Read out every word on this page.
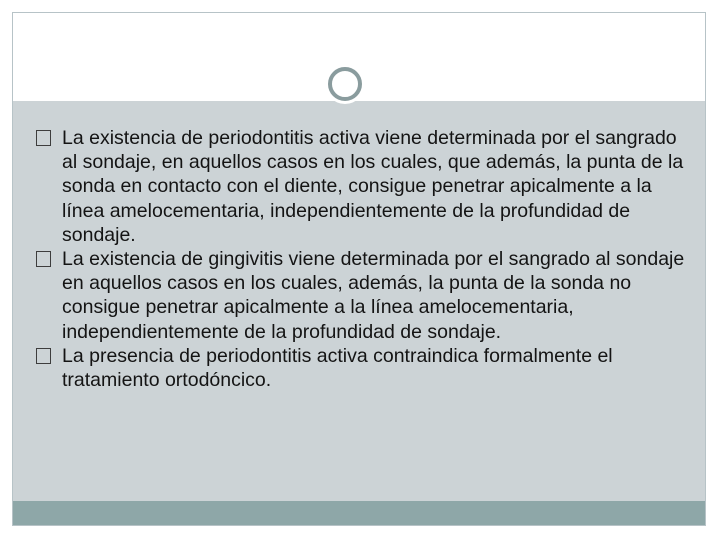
La existencia de periodontitis activa viene determinada por el sangrado al sondaje, en aquellos casos en los cuales, que además, la punta de la sonda en contacto con el diente, consigue penetrar apicalmente a la línea amelocementaria, independientemente de la profundidad de sondaje.
La existencia de gingivitis viene determinada por el sangrado al sondaje en aquellos casos en los cuales, además, la punta de la sonda no consigue penetrar apicalmente a la línea amelocementaria, independientemente de la profundidad de sondaje.
La presencia de periodontitis activa contraindica formalmente el tratamiento ortodóncico.
